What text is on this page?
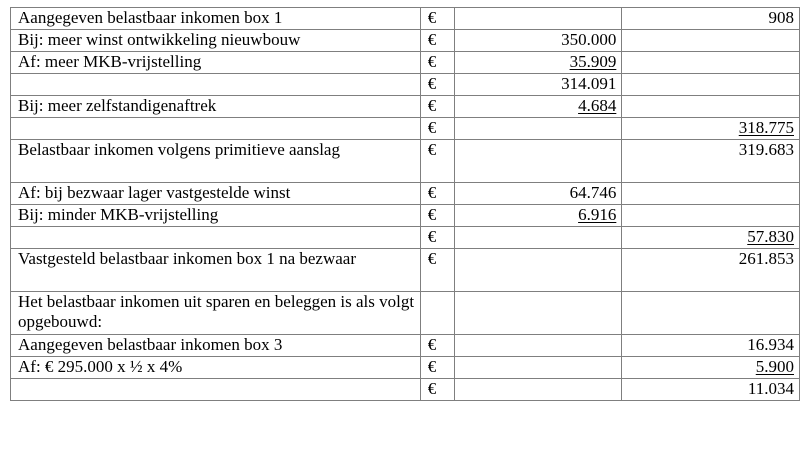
Aangegeven belastbaar inkomen box 1	€		908
Bij: meer winst ontwikkeling nieuwbouw	€	350.000	
Af: meer MKB-vrijstelling	€	35.909	
	€	314.091	
Bij: meer zelfstandigenaftrek	€	4.684	
	€		318.775
Belastbaar inkomen volgens primitieve aanslag	€		319.683
Af: bij bezwaar lager vastgestelde winst	€	64.746	
Bij: minder MKB-vrijstelling	€	6.916	
	€		57.830
Vastgesteld belastbaar inkomen box 1 na bezwaar	€		261.853
Het belastbaar inkomen uit sparen en beleggen is als volgt opgebouwd:			
Aangegeven belastbaar inkomen box 3	€		16.934
Af: € 295.000 x ½ x 4%	€		5.900
	€		11.034
